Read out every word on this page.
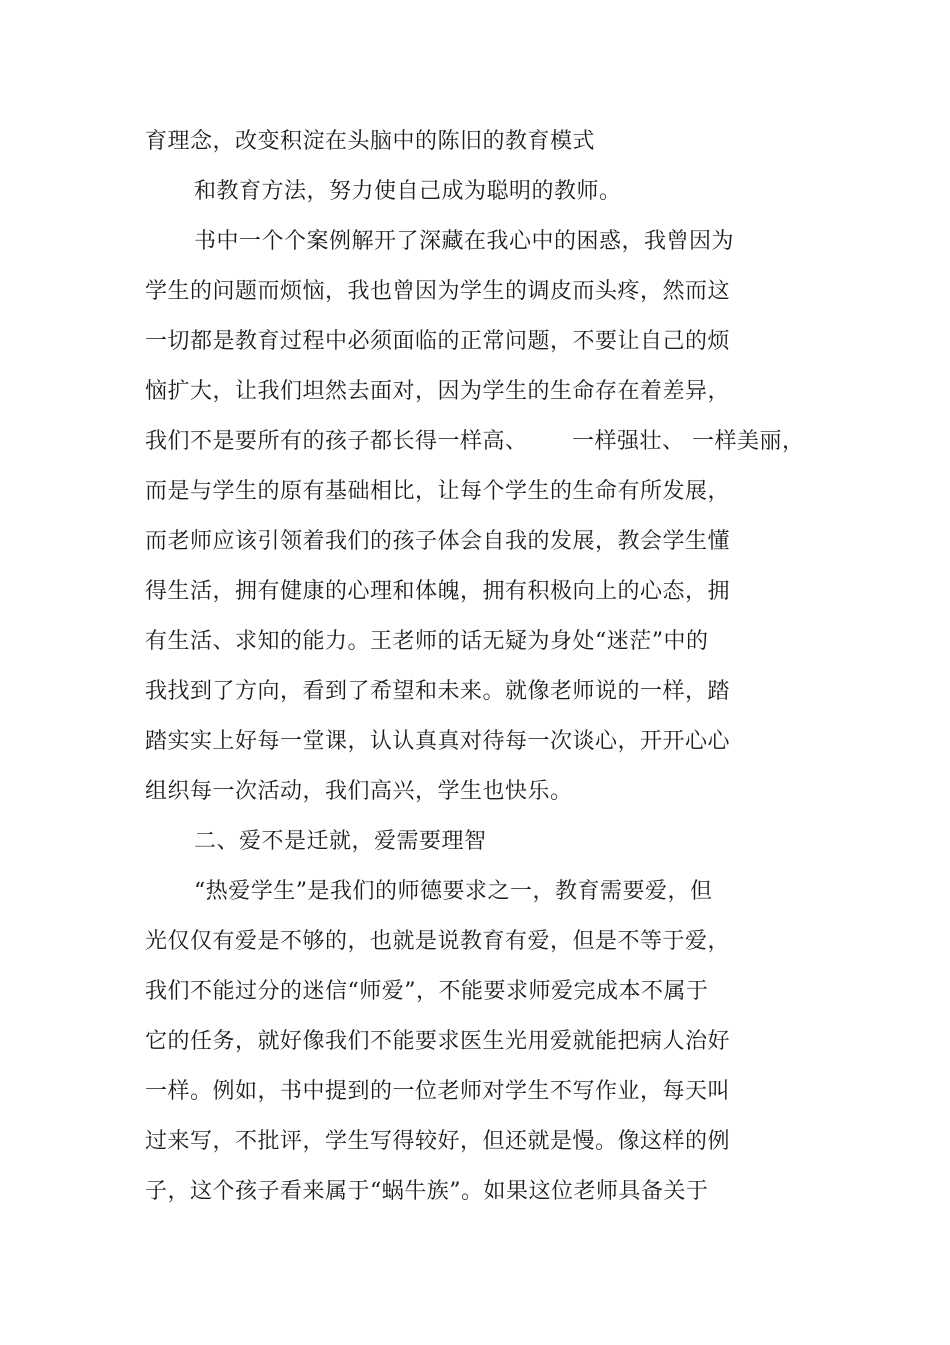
育理念，改变积淀在头脑中的陈旧的教育模式
和教育方法，努力使自己成为聪明的教师。
书中一个个案例解开了深藏在我心中的困惑，我曾因为
学生的问题而烦恼，我也曾因为学生的调皮而头疼，然而这
一切都是教育过程中必须面临的正常问题，不要让自己的烦
恼扩大，让我们坦然去面对，因为学生的生命存在着差异，
我们不是要所有的孩子都长得一样高、 一样强壮、 一样美丽，
而是与学生的原有基础相比，让每个学生的生命有所发展，
而老师应该引领着我们的孩子体会自我的发展，教会学生懂
得生活，拥有健康的心理和体魄，拥有积极向上的心态，拥
有生活、求知的能力。王老师的话无疑为身处“迷茫”中的
我找到了方向，看到了希望和未来。就像老师说的一样，踏
踏实实上好每一堂课，认认真真对待每一次谈心，开开心心
组织每一次活动，我们高兴，学生也快乐。
二、爱不是迁就，爱需要理智
“热爱学生”是我们的师德要求之一，教育需要爱，但
光仅仅有爱是不够的，也就是说教育有爱，但是不等于爱，
我们不能过分的迷信“师爱”，不能要求师爱完成本不属于
它的任务，就好像我们不能要求医生光用爱就能把病人治好
一样。例如，书中提到的一位老师对学生不写作业，每天叫
过来写，不批评，学生写得较好，但还就是慢。像这样的例
子，这个孩子看来属于“蜗牛族”。如果这位老师具备关于
